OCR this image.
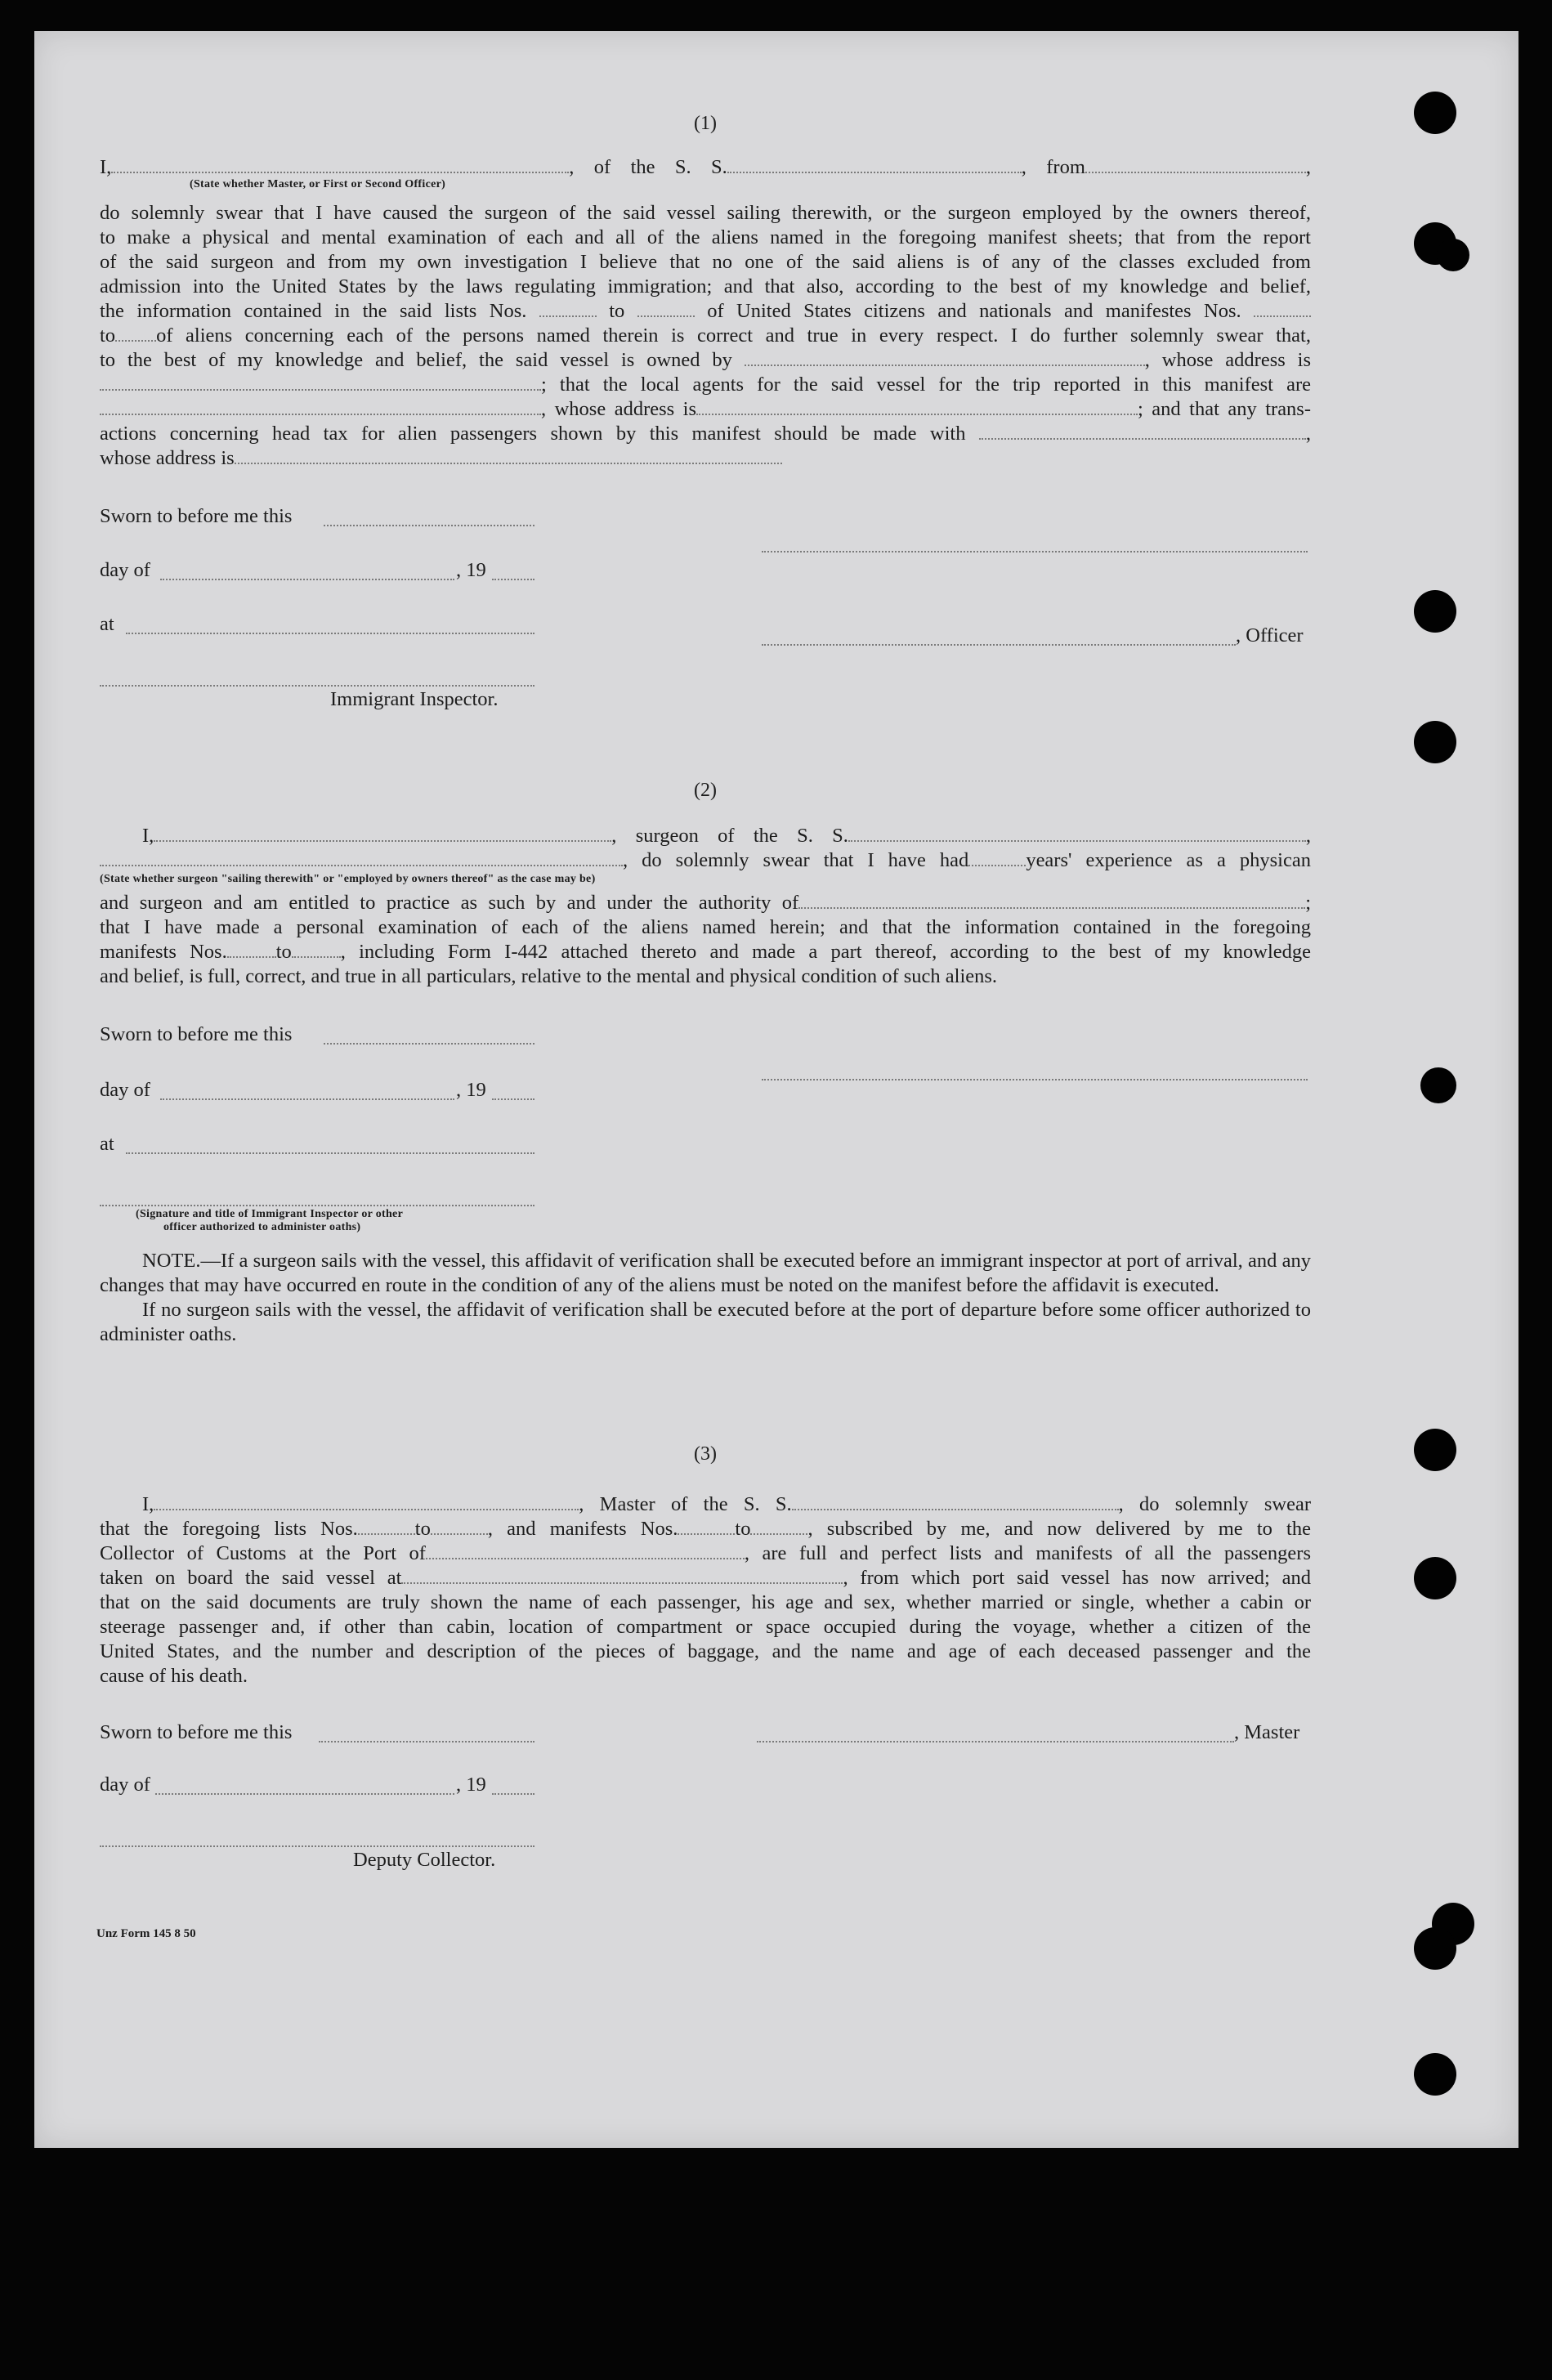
(1)
I,	, of the S. S.	, from	,
do solemnly swear that I have caused the surgeon of the said vessel sailing therewith, or the surgeon employed by the owners thereof,
to make a physical and mental examination of each and all of the aliens named in the foregoing manifest sheets; that from the report
of the said surgeon and from my own investigation I believe that no one of the said aliens is of any of the classes excluded from
admission into the United States by the laws regulating immigration; and that also, according to the best of my knowledge and belief,
the information contained in the said lists Nos.	to	of United States citizens and nationals and manifestes Nos.
to of aliens concerning each of the persons named therein is correct and true in every respect. I do further solemnly swear that,
to the best of my knowledge and belief, the said vessel is owned by	, whose address is
; that the local agents for the said vessel for the trip reported in this manifest are
, whose address is	; and that any trans-
actions concerning head tax for alien passengers shown by this manifest should be made with	,
whose address is
(State whether Master, or First or Second Officer)
Sworn to before me this
day of	, 19
at
, Officer
Immigrant Inspector.
(2)
I,	, surgeon of the S. S.	,
, do solemnly swear that I have had	years' experience as a physican
and surgeon and am entitled to practice as such by and under the authority of	;
that I have made a personal examination of each of the aliens named herein; and that the information contained in the foregoing
manifests Nos. to , including Form I-442 attached thereto and made a part thereof, according to the best of my knowledge
and belief, is full, correct, and true in all particulars, relative to the mental and physical condition of such aliens.
(State whether surgeon "sailing therewith" or "employed by owners thereof" as the case may be)
Sworn to before me this
day of	, 19
at
(Signature and title of Immigrant Inspector or other
officer authorized to administer oaths)

NOTE.—If a surgeon sails with the vessel, this affidavit of verification shall be executed before an immigrant inspector at port of arrival, and any changes that may have occurred en route in the condition of any of the aliens must be noted on the manifest before the affidavit is executed.

If no surgeon sails with the vessel, the affidavit of verification shall be executed before at the port of departure before some officer authorized to administer oaths.

(3)
I,	, Master of the S. S.	, do solemnly swear
that the foregoing lists Nos.	to	, and manifests Nos.	to	, subscribed by me, and now delivered by me to the
Collector of Customs at the Port of	, are full and perfect lists and manifests of all the passengers
taken on board the said vessel at	, from which port said vessel has now arrived; and
that on the said documents are truly shown the name of each passenger, his age and sex, whether married or single, whether a cabin or
steerage passenger and, if other than cabin, location of compartment or space occupied during the voyage, whether a citizen of the
United States, and the number and description of the pieces of baggage, and the name and age of each deceased passenger and the
cause of his death.
Sworn to before me this	, Master
day of	, 19
Deputy Collector.
Unz Form 145 8 50
